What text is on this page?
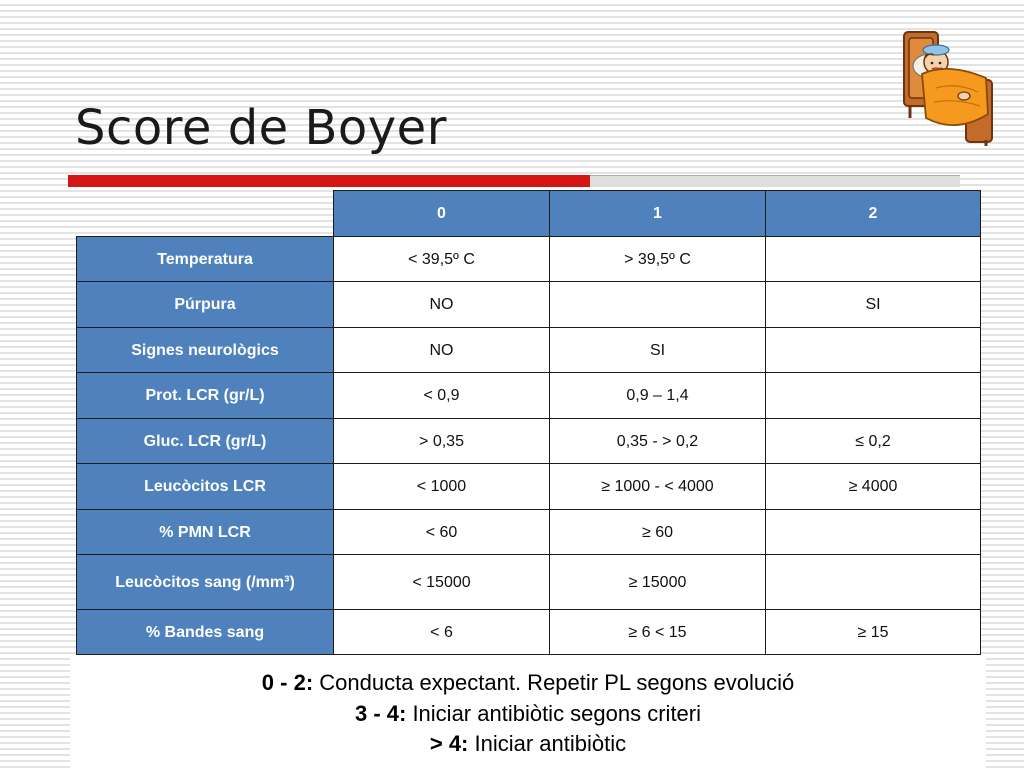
Score de Boyer
	0	1	2
Temperatura	< 39,5º C	> 39,5º C	
Púrpura	NO		SI
Signes neurològics	NO	SI	
Prot. LCR (gr/L)	< 0,9	0,9 – 1,4	
Gluc. LCR (gr/L)	> 0,35	0,35 - > 0,2	≤ 0,2
Leucòcitos LCR	< 1000	≥ 1000 - < 4000	≥ 4000
% PMN LCR	< 60	≥ 60	
Leucòcitos sang (/mm³)	< 15000	≥ 15000	
% Bandes sang	< 6	≥ 6 < 15	≥ 15
0 - 2: Conducta expectant. Repetir PL segons evolució
3 - 4: Iniciar antibiòtic segons criteri
> 4: Iniciar antibiòtic
